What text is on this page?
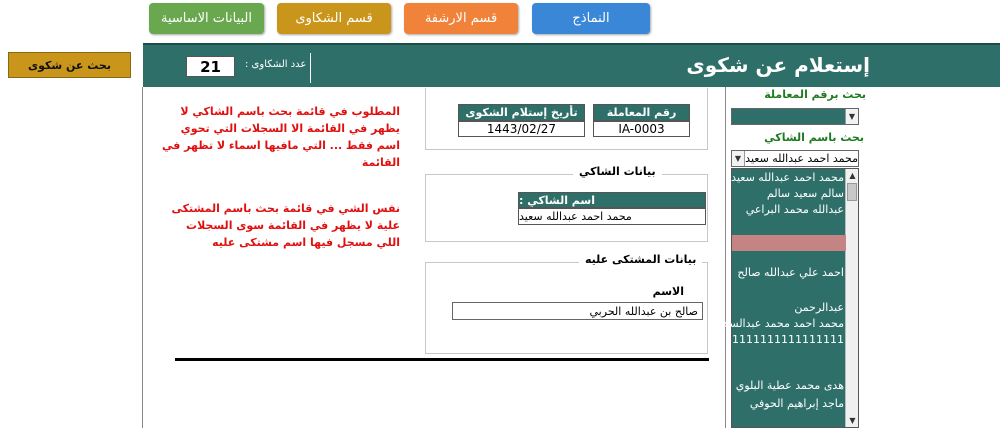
البيانات الاساسية	قسم الشكاوى	قسم الارشفة	النماذج
بحث عن شكوى	إستعلام عن شكوى
عدد الشكاوى :
21
المطلوب في قائمة بحث باسم الشاكي لا يظهر في القائمة الا السجلات التي تحوي اسم فقط ... التي مافيها اسماء لا تظهر في القائمة
نفس الشي في قائمة بحث باسم المشتكى علية لا يظهر في القائمة سوى السجلات اللي مسجل فيها اسم مشتكى عليه
رقم المعاملة
IA-0003
تأريخ إستلام الشكوى
1443/02/27
بيانات الشاكي
اسم الشاكي :
محمد احمد عبدالله سعيد
بيانات المشتكى عليه
الاسم
صالح بن عبدالله الحربي
بحث برقم المعاملة
▼
بحث باسم الشاكي
محمد احمد عبدالله سعيد
▼
▲
▼
محمد احمد عبدالله سعيد
سالم سعيد سالم
عبدالله محمد البراعي
احمد علي عبدالله صالح
عبدالرحمن
محمد احمد محمد عبدالسلام
1111111111111111
هدى محمد عطية البلوي
ماجد إبراهيم الحوفي
